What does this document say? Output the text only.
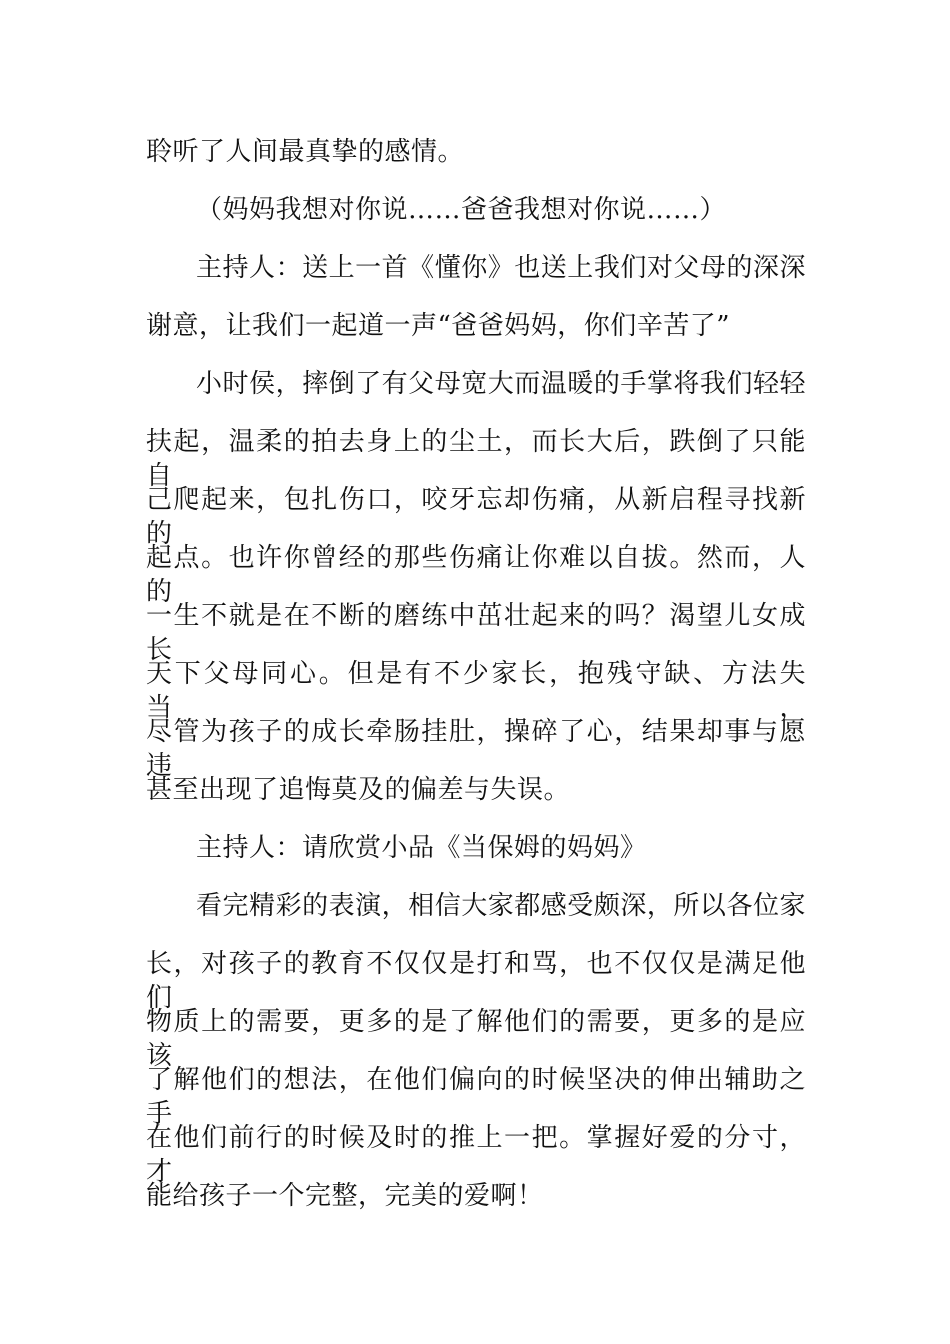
聆听了人间最真挚的感情。
（妈妈我想对你说……爸爸我想对你说……）
主持人：送上一首《懂你》也送上我们对父母的深深
谢意，让我们一起道一声“爸爸妈妈，你们辛苦了”
小时侯，摔倒了有父母宽大而温暖的手掌将我们轻轻
扶起，温柔的拍去身上的尘土，而长大后，跌倒了只能自
己爬起来，包扎伤口，咬牙忘却伤痛，从新启程寻找新的
起点。也许你曾经的那些伤痛让你难以自拔。然而，人的
一生不就是在不断的磨练中茁壮起来的吗？渴望儿女成长
天下父母同心。但是有不少家长，抱残守缺、方法失当，
尽管为孩子的成长牵肠挂肚，操碎了心，结果却事与愿违
甚至出现了追悔莫及的偏差与失误。
主持人：请欣赏小品《当保姆的妈妈》
看完精彩的表演，相信大家都感受颇深，所以各位家
长，对孩子的教育不仅仅是打和骂，也不仅仅是满足他们
物质上的需要，更多的是了解他们的需要，更多的是应该
了解他们的想法，在他们偏向的时候坚决的伸出辅助之手
在他们前行的时候及时的推上一把。掌握好爱的分寸，才
能给孩子一个完整，完美的爱啊！
